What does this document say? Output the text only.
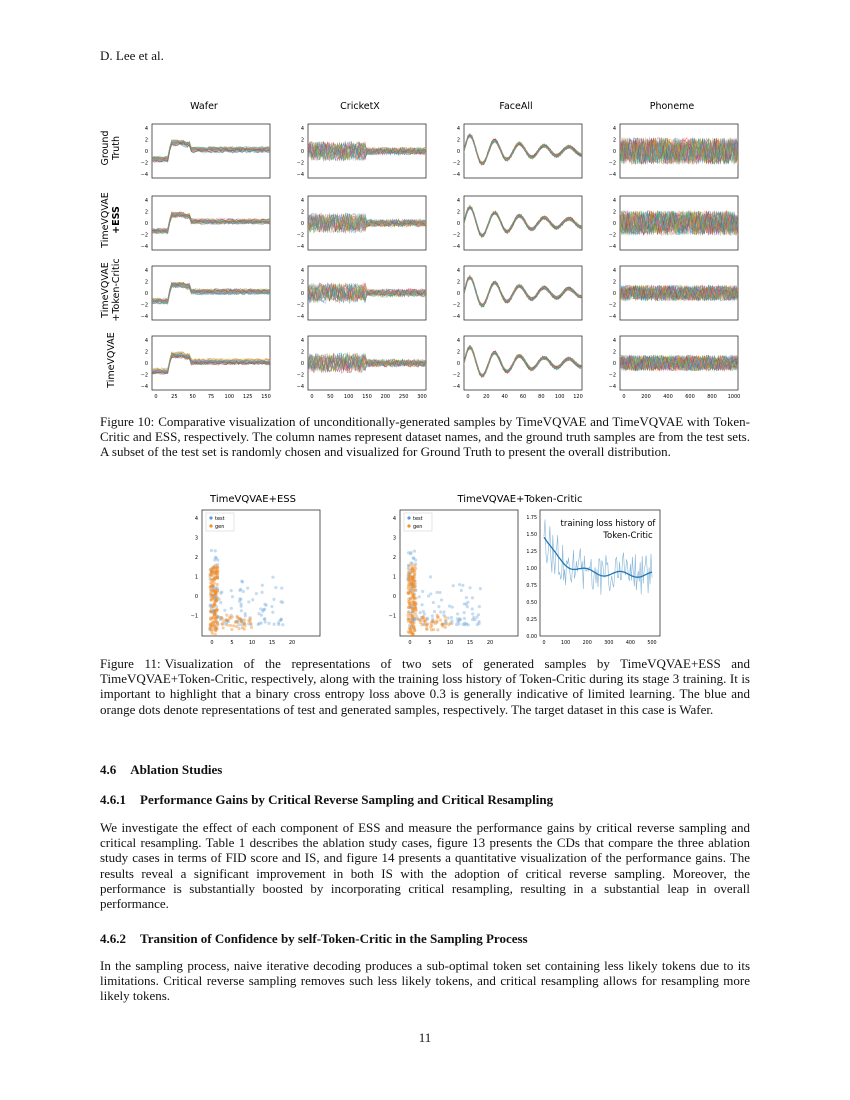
D. Lee et al.
Wafer	CricketX	FaceAll	Phoneme
GroundTruth
TimeVQVAE+ESS
TimeVQVAE+Token-Critic
TimeVQVAE
4
2
0
−2
−4
4
2
0
−2
−4
4
2
0
−2
−4
4
2
0
−2
−4
4
2
0
−2
−4
4
2
0
−2
−4
4
2
0
−2
−4
4
2
0
−2
−4
4
2
0
−2
−4
4
2
0
−2
−4
4
2
0
−2
−4
4
2
0
−2
−4
4
2
0
−2
−4
0	25 50 75 100 125 150
4
2
0
−2
−4
0	50 100 150 200 250 300
4
2
0
−2
−4
0	20 40 60 80 100 120
4
2
0
−2
−4
0	200 400 600 800 1000
Figure 10: Comparative visualization of unconditionally-generated samples by TimeVQVAE and TimeVQVAE with Token-Critic and ESS, respectively. The column names represent dataset names, and the ground truth samples are from the test sets. A subset of the test set is randomly chosen and visualized for Ground Truth to present the overall distribution.
TimeVQVAE+ESS	TimeVQVAE+Token-Critic
4
3
2
1
0
−1
0	5	10	15	20
test
gen
4
3
2
1
0
−1
0	5	10	15	20
test
gen
1.75
1.50
1.25
1.00
0.75
0.50
0.25
0.00
0	100	200	300	400	500
training loss history of
Token-Critic
Figure 11: Visualization of the representations of two sets of generated samples by TimeVQVAE+ESS and TimeVQVAE+Token-Critic, respectively, along with the training loss history of Token-Critic during its stage 3 training. It is important to highlight that a binary cross entropy loss above 0.3 is generally indicative of limited learning. The blue and orange dots denote representations of test and generated samples, respectively. The target dataset in this case is Wafer.
4.6 Ablation Studies
4.6.1 Performance Gains by Critical Reverse Sampling and Critical Resampling
We investigate the effect of each component of ESS and measure the performance gains by critical reverse sampling and critical resampling. Table 1 describes the ablation study cases, figure 13 presents the CDs that compare the three ablation study cases in terms of FID score and IS, and figure 14 presents a quantitative visualization of the performance gains. The results reveal a significant improvement in both IS with the adoption of critical reverse sampling. Moreover, the performance is substantially boosted by incorporating critical resampling, resulting in a substantial leap in overall performance.
4.6.2 Transition of Confidence by self-Token-Critic in the Sampling Process
In the sampling process, naive iterative decoding produces a sub-optimal token set containing less likely tokens due to its limitations. Critical reverse sampling removes such less likely tokens, and critical resampling allows for resampling more likely tokens.
11
